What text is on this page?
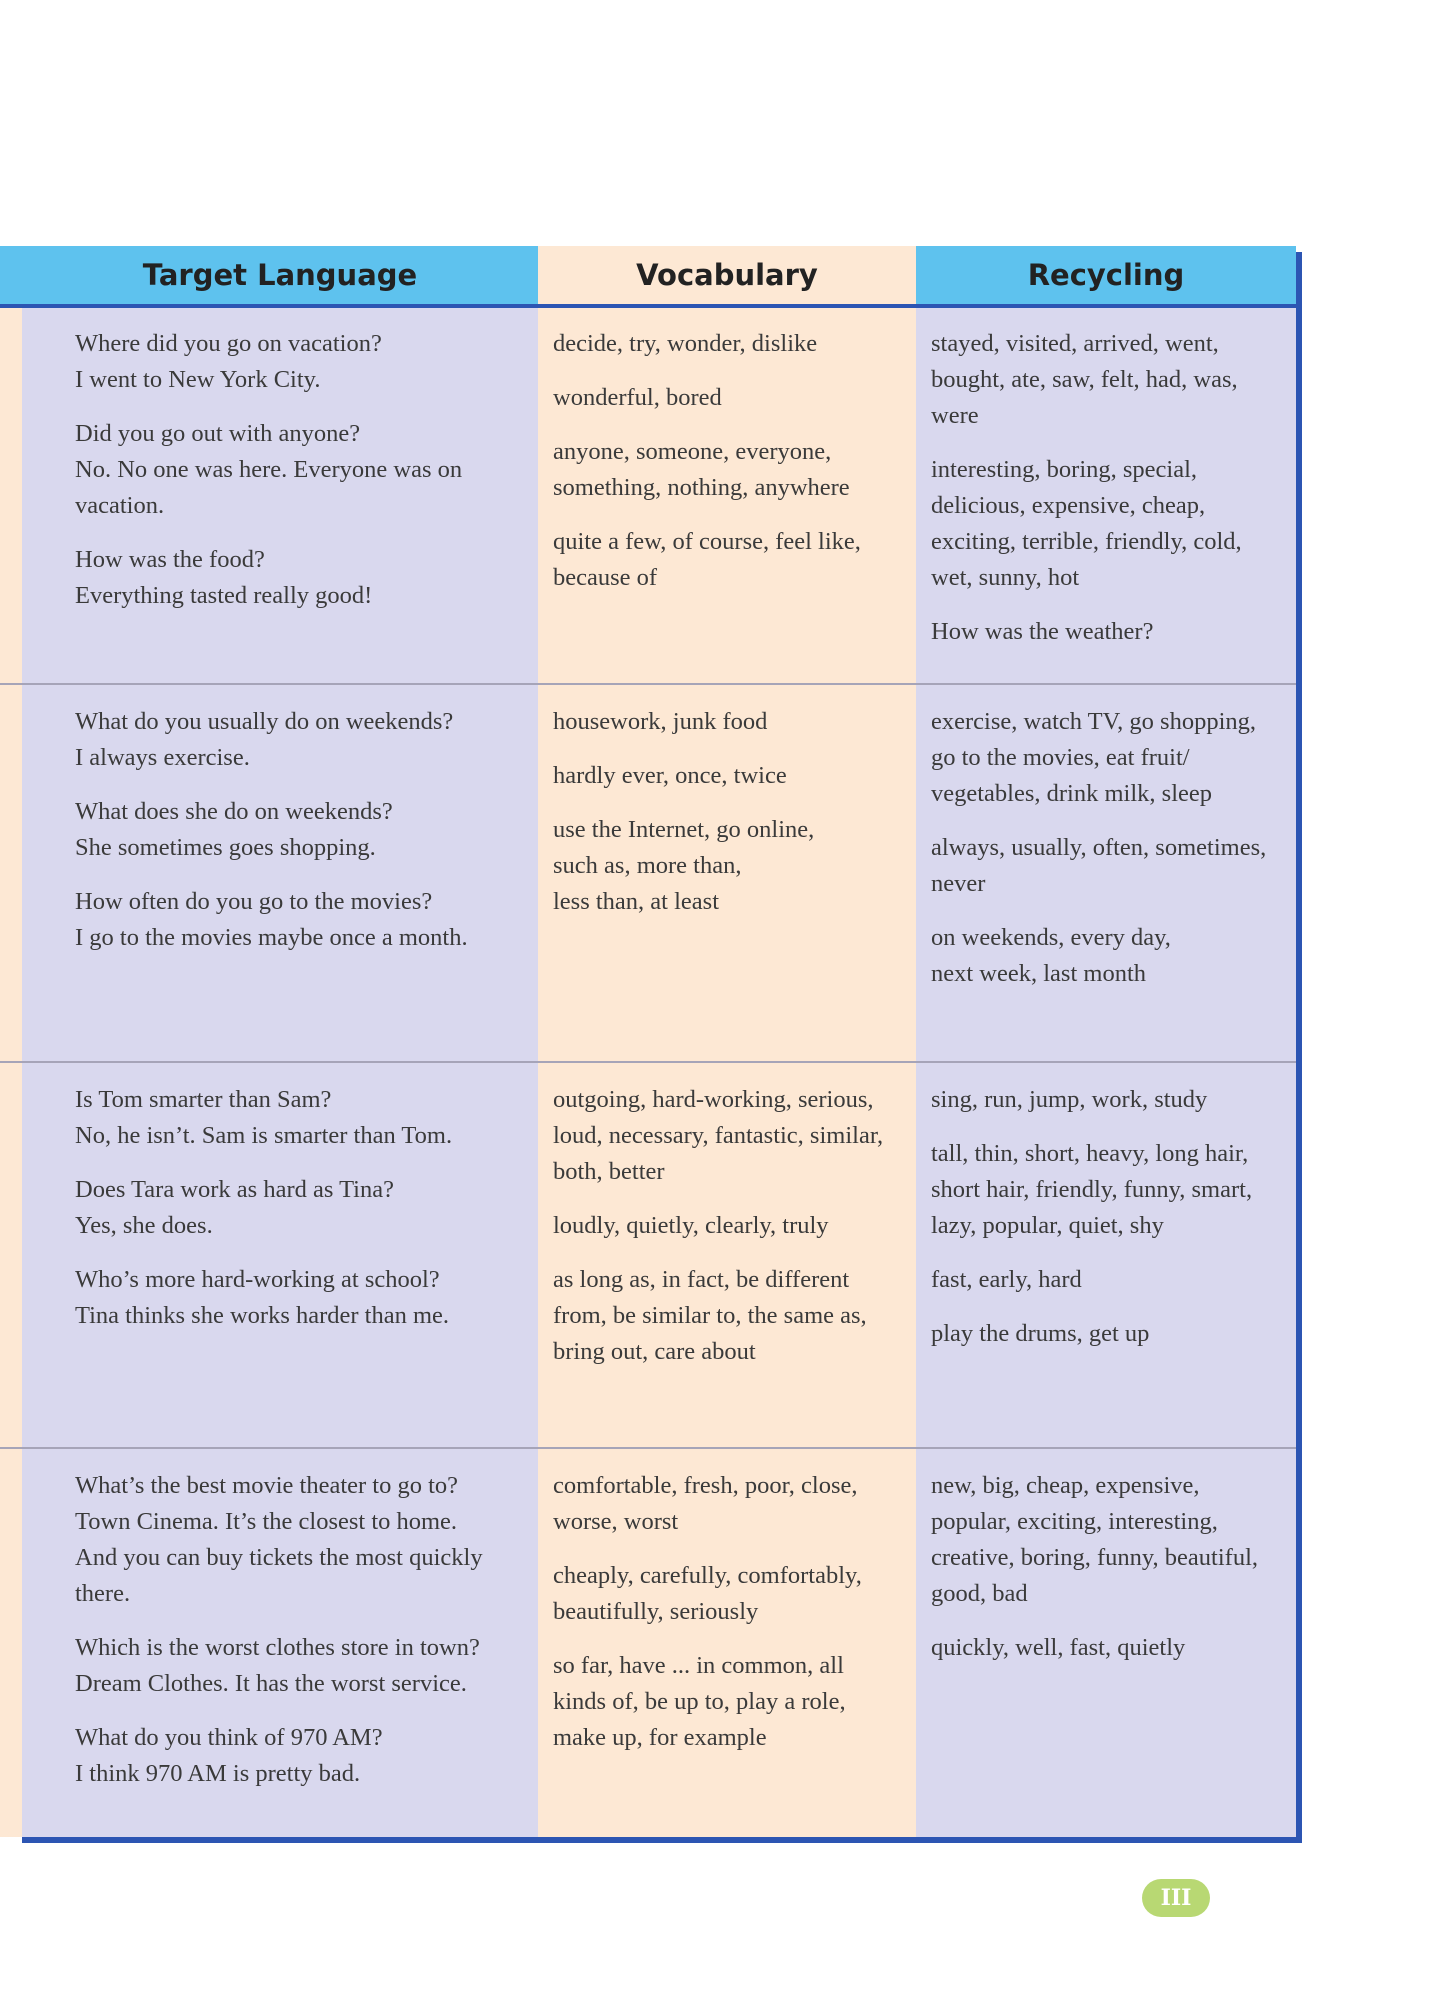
Target Language	Vocabulary	Recycling

Where did you go on vacation?
I went to New York City.

Did you go out with anyone?
No. No one was here. Everyone was on
vacation.

How was the food?
Everything tasted really good!

decide, try, wonder, dislike

wonderful, bored

anyone, someone, everyone,
something, nothing, anywhere

quite a few, of course, feel like,
because of

stayed, visited, arrived, went,
bought, ate, saw, felt, had, was,
were

interesting, boring, special,
delicious, expensive, cheap,
exciting, terrible, friendly, cold,
wet, sunny, hot

How was the weather?

What do you usually do on weekends?
I always exercise.

What does she do on weekends?
She sometimes goes shopping.

How often do you go to the movies?
I go to the movies maybe once a month.

housework, junk food

hardly ever, once, twice

use the Internet, go online,
such as, more than,
less than, at least

exercise, watch TV, go shopping,
go to the movies, eat fruit/
vegetables, drink milk, sleep

always, usually, often, sometimes,
never

on weekends, every day,
next week, last month

Is Tom smarter than Sam?
No, he isn’t. Sam is smarter than Tom.

Does Tara work as hard as Tina?
Yes, she does.

Who’s more hard-working at school?
Tina thinks she works harder than me.

outgoing, hard-working, serious,
loud, necessary, fantastic, similar,
both, better

loudly, quietly, clearly, truly

as long as, in fact, be different
from, be similar to, the same as,
bring out, care about

sing, run, jump, work, study

tall, thin, short, heavy, long hair,
short hair, friendly, funny, smart,
lazy, popular, quiet, shy

fast, early, hard

play the drums, get up

What’s the best movie theater to go to?
Town Cinema. It’s the closest to home.
And you can buy tickets the most quickly
there.

Which is the worst clothes store in town?
Dream Clothes. It has the worst service.

What do you think of 970 AM?
I think 970 AM is pretty bad.

comfortable, fresh, poor, close,
worse, worst

cheaply, carefully, comfortably,
beautifully, seriously

so far, have ... in common, all
kinds of, be up to, play a role,
make up, for example

new, big, cheap, expensive,
popular, exciting, interesting,
creative, boring, funny, beautiful,
good, bad

quickly, well, fast, quietly

III
